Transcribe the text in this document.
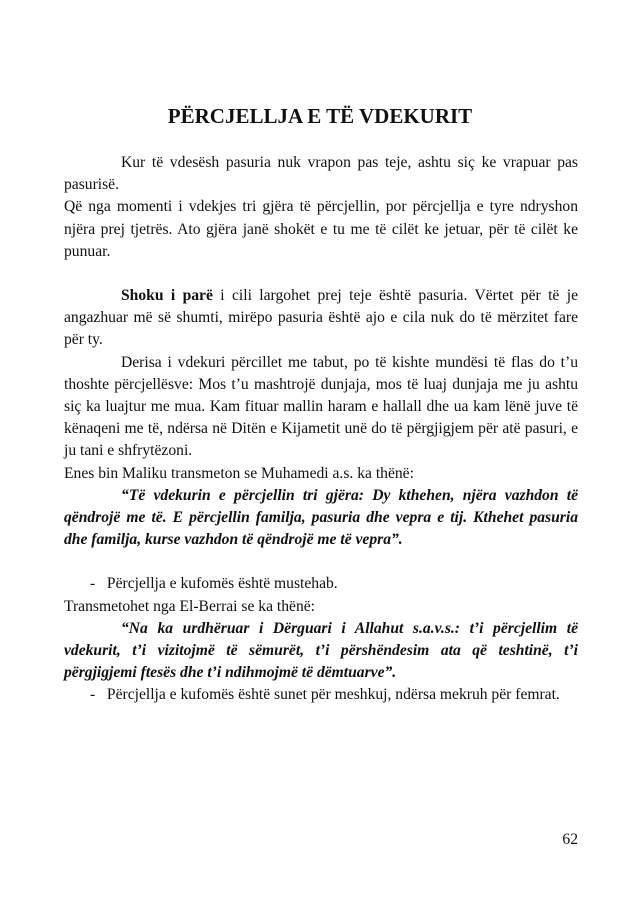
PËRCJELLJA E TË VDEKURIT

Kur të vdesësh pasuria nuk vrapon pas teje, ashtu siç ke vrapuar pas pasurisë.

Që nga momenti i vdekjes tri gjëra të përcjellin, por përcjellja e tyre ndryshon njëra prej tjetrës. Ato gjëra janë shokët e tu me të cilët ke jetuar, për të cilët ke punuar.

Shoku i parë i cili largohet prej teje është pasuria. Vërtet për të je angazhuar më së shumti, mirëpo pasuria është ajo e cila nuk do të mërzitet fare për ty.

Derisa i vdekuri përcillet me tabut, po të kishte mundësi të flas do t’u thoshte përcjellësve: Mos t’u mashtrojë dunjaja, mos të luaj dunjaja me ju ashtu siç ka luajtur me mua. Kam fituar mallin haram e hallall dhe ua kam lënë juve të kënaqeni me të, ndërsa në Ditën e Kijametit unë do të përgjigjem për atë pasuri, e ju tani e shfrytëzoni.

Enes bin Maliku transmeton se Muhamedi a.s. ka thënë:

“Të vdekurin e përcjellin tri gjëra: Dy kthehen, njëra vazhdon të qëndrojë me të. E përcjellin familja, pasuria dhe vepra e tij. Kthehet pasuria dhe familja, kurse vazhdon të qëndrojë me të vepra”.

- Përcjellja e kufomës është mustehab.

Transmetohet nga El-Berrai se ka thënë:

“Na ka urdhëruar i Dërguari i Allahut s.a.v.s.: t’i përcjellim të vdekurit, t’i vizitojmë të sëmurët, t’i përshëndesim ata që teshtinë, t’i përgjigjemi ftesës dhe t’i ndihmojmë të dëmtuarve”.

- Përcjellja e kufomës është sunet për meshkuj, ndërsa mekruh për femrat.

62
